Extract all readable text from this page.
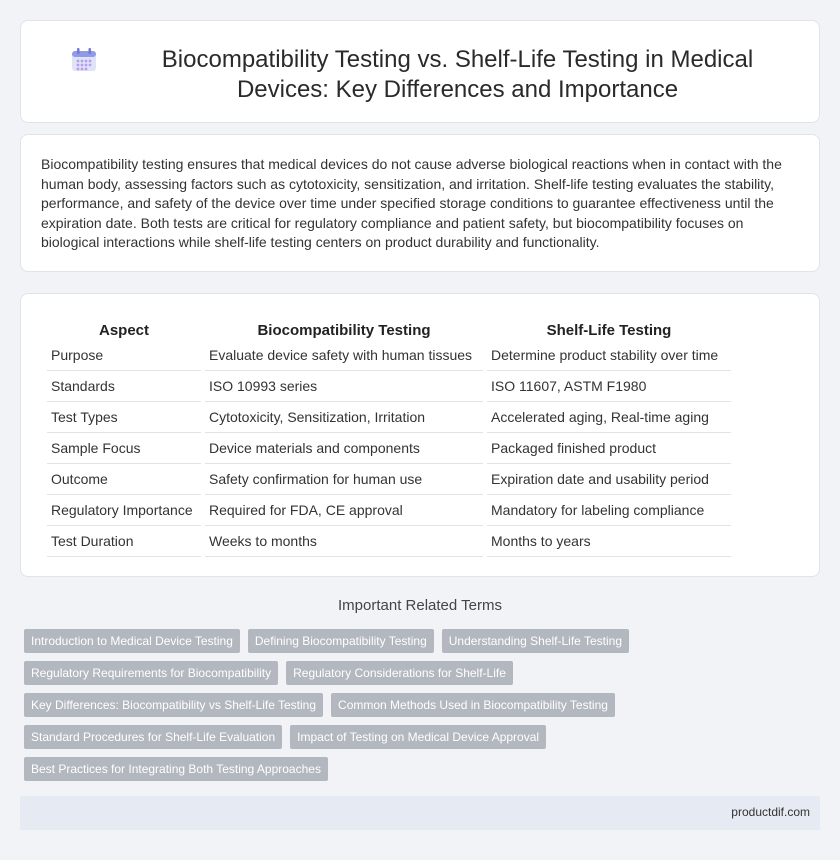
Biocompatibility Testing vs. Shelf-Life Testing in Medical Devices: Key Differences and Importance

Biocompatibility testing ensures that medical devices do not cause adverse biological reactions when in contact with the human body, assessing factors such as cytotoxicity, sensitization, and irritation. Shelf-life testing evaluates the stability, performance, and safety of the device over time under specified storage conditions to guarantee effectiveness until the expiration date. Both tests are critical for regulatory compliance and patient safety, but biocompatibility focuses on biological interactions while shelf-life testing centers on product durability and functionality.

Aspect	Biocompatibility Testing	Shelf-Life Testing
Purpose	Evaluate device safety with human tissues	Determine product stability over time
Standards	ISO 10993 series	ISO 11607, ASTM F1980
Test Types	Cytotoxicity, Sensitization, Irritation	Accelerated aging, Real-time aging
Sample Focus	Device materials and components	Packaged finished product
Outcome	Safety confirmation for human use	Expiration date and usability period
Regulatory Importance	Required for FDA, CE approval	Mandatory for labeling compliance
Test Duration	Weeks to months	Months to years
Important Related Terms
Introduction to Medical Device Testing	Defining Biocompatibility Testing	Understanding Shelf-Life Testing
Regulatory Requirements for Biocompatibility	Regulatory Considerations for Shelf-Life
Key Differences: Biocompatibility vs Shelf-Life Testing	Common Methods Used in Biocompatibility Testing
Standard Procedures for Shelf-Life Evaluation	Impact of Testing on Medical Device Approval
Best Practices for Integrating Both Testing Approaches
productdif.com
